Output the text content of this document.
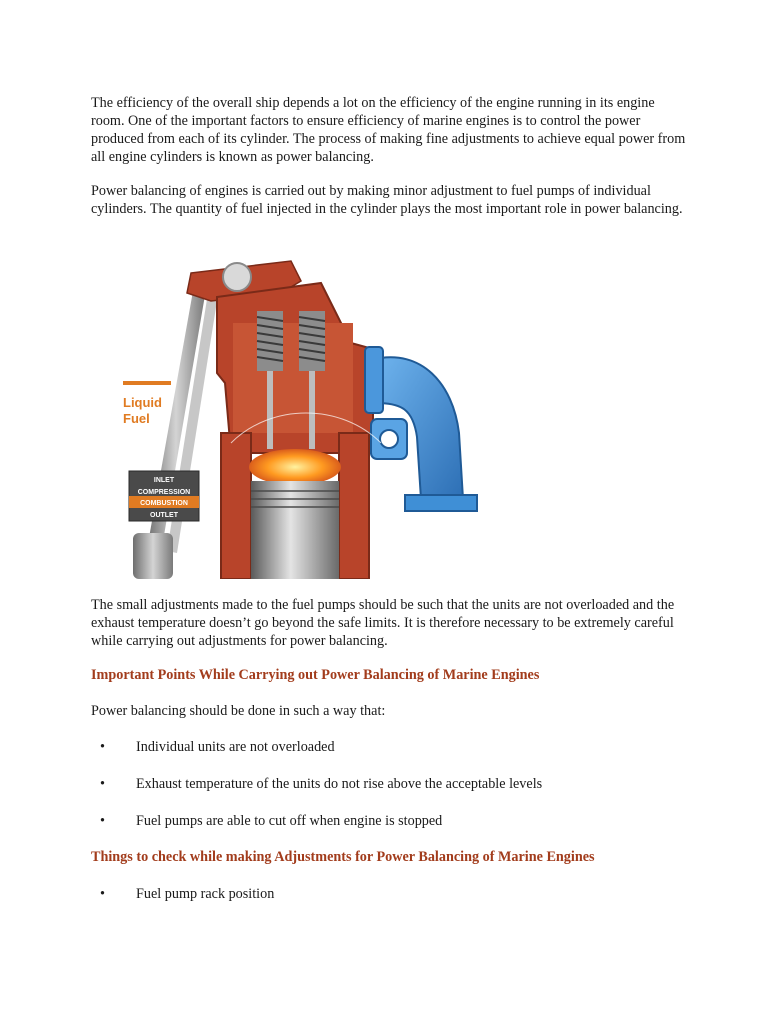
The efficiency of the overall ship depends a lot on the efficiency of the engine running in its engine room. One of the important factors to ensure efficiency of marine engines is to control the power produced from each of its cylinder. The process of making fine adjustments to achieve equal power from all engine cylinders is known as power balancing.

Power balancing of engines is carried out by making minor adjustment to fuel pumps of individual cylinders. The quantity of fuel injected in the cylinder plays the most important role in power balancing.

Liquid
Fuel
INLET
COMPRESSION
COMBUSTION
OUTLET

The small adjustments made to the fuel pumps should be such that the units are not overloaded and the exhaust temperature doesn’t go beyond the safe limits. It is therefore necessary to be extremely careful while carrying out adjustments for power balancing.

Important Points While Carrying out Power Balancing of Marine Engines

Power balancing should be done in such a way that:

•	Individual units are not overloaded
•	Exhaust temperature of the units do not rise above the acceptable levels
•	Fuel pumps are able to cut off when engine is stopped

Things to check while making Adjustments for Power Balancing of Marine Engines

•	Fuel pump rack position
